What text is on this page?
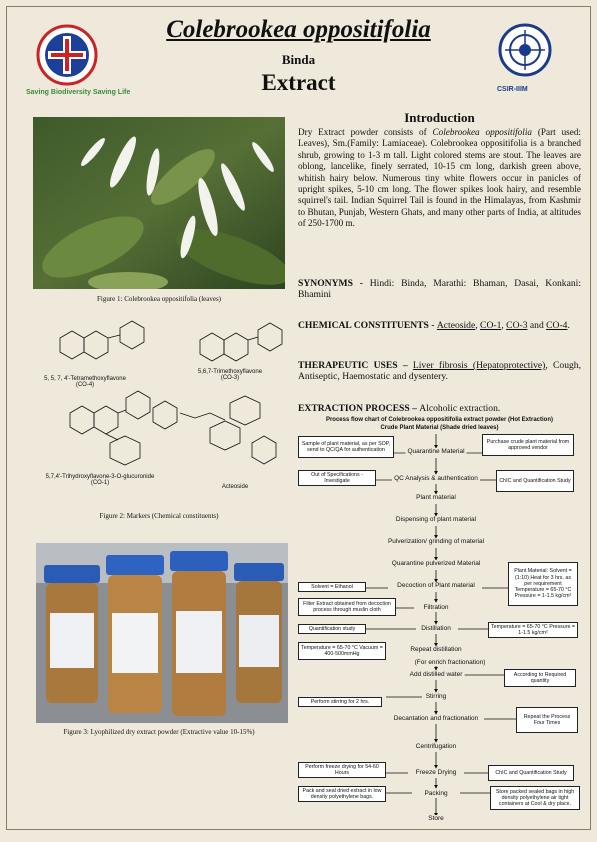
Saving Biodiversity Saving Life	CSIR-IIIM
Colebrookea oppositifolia
Binda
Extract
Figure 1: Colebrookea oppositifolia (leaves)
5, 5, 7, 4'-Tetramethoxyflavone
(CO-4)
5,6,7-Trimethoxyflavone
(CO-3)
5,7,4'-Trihydroxyflavone-3-O-glucuronide
(CO-1)
Acteoside
Figure 2: Markers (Chemical constituents)
Figure 3: Lyophilized dry extract powder (Extractive value 10-15%)
Introduction
Dry Extract powder consists of Colebrookea oppositifolia (Part used: Leaves), Sm.(Family: Lamiaceae). Colebrookea oppositifolia is a branched shrub, growing to 1-3 m tall. Light colored stems are stout. The leaves are oblong, lancelike, finely serrated, 10-15 cm long, darkish green above, whitish hairy below. Numerous tiny white flowers occur in panicles of upright spikes, 5-10 cm long. The flower spikes look hairy, and resemble squirrel's tail. Indian Squirrel Tail is found in the Himalayas, from Kashmir to Bhutan, Punjab, Western Ghats, and many other parts of India, at altitudes of 250-1700 m.
SYNONYMS - Hindi: Binda, Marathi: Bhaman, Dasai, Konkani: Bhamini
CHEMICAL CONSTITUENTS - Acteoside, CO-1, CO-3 and CO-4.
THERAPEUTIC USES – Liver fibrosis (Hepatoprotective), Cough, Antiseptic, Haemostatic and dysentery.
EXTRACTION PROCESS – Alcoholic extraction.
Process flow chart of Colebrookea oppositifolia extract powder (Hot Extraction)
Crude Plant Material (Shade dried leaves)
Quarantine Material
QC Analysis & authentication
Plant material
Dispensing of plant material
Pulverization/ grinding of material
Quarantine pulverized Material
Decoction of Plant material
Filtration
Distillation
Repeat distillation
(For enrich fractionation)
Add distilled water
Stirring
Decantation and fractionation
Centrifugation
Freeze Drying
Packing
Store
Sample of plant material, as per SOP, send to QC/QA for authentication
Out of Specifications - Investigate
Solvent = Ethanol
Filter Extract obtained from decoction process through muslin cloth
Quantification study
Temperature = 65-70 °C Vacuum = 400-500mmHg
Perform stirring for 2 hrs.
Perform freeze drying for 54-60 Hours
Pack and seal dried extract in low density polyethylene bags.
Purchase crude plant material from approved vendor
ChIC and Quantification Study
Plant Material: Solvent = (1:10) Heat for 3 hrs. as per requirement Temperature = 65-70 °C Pressure = 1-1.5 kg/cm²
Temperature = 65-70 °C Pressure = 1-1.5 kg/cm²
According to Required quantity
Repeat the Process Four Times
ChIC and Quantification Study
Store packed sealed bags in high density polyethylene air tight containers at Cool & dry place.
